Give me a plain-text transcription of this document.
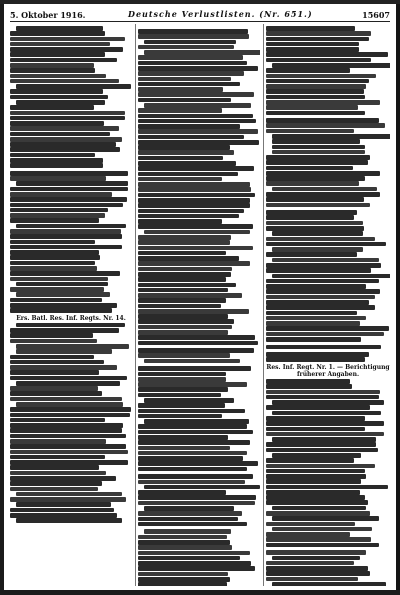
5. Oktober 1916.	Deutsche Verlustlisten. (Nr. 651.)	15607
Ers. Batl. Res. Inf. Regts. Nr. 14.
Res. Inf. Regt. Nr. 1. — Berichtigung früherer Angaben.
